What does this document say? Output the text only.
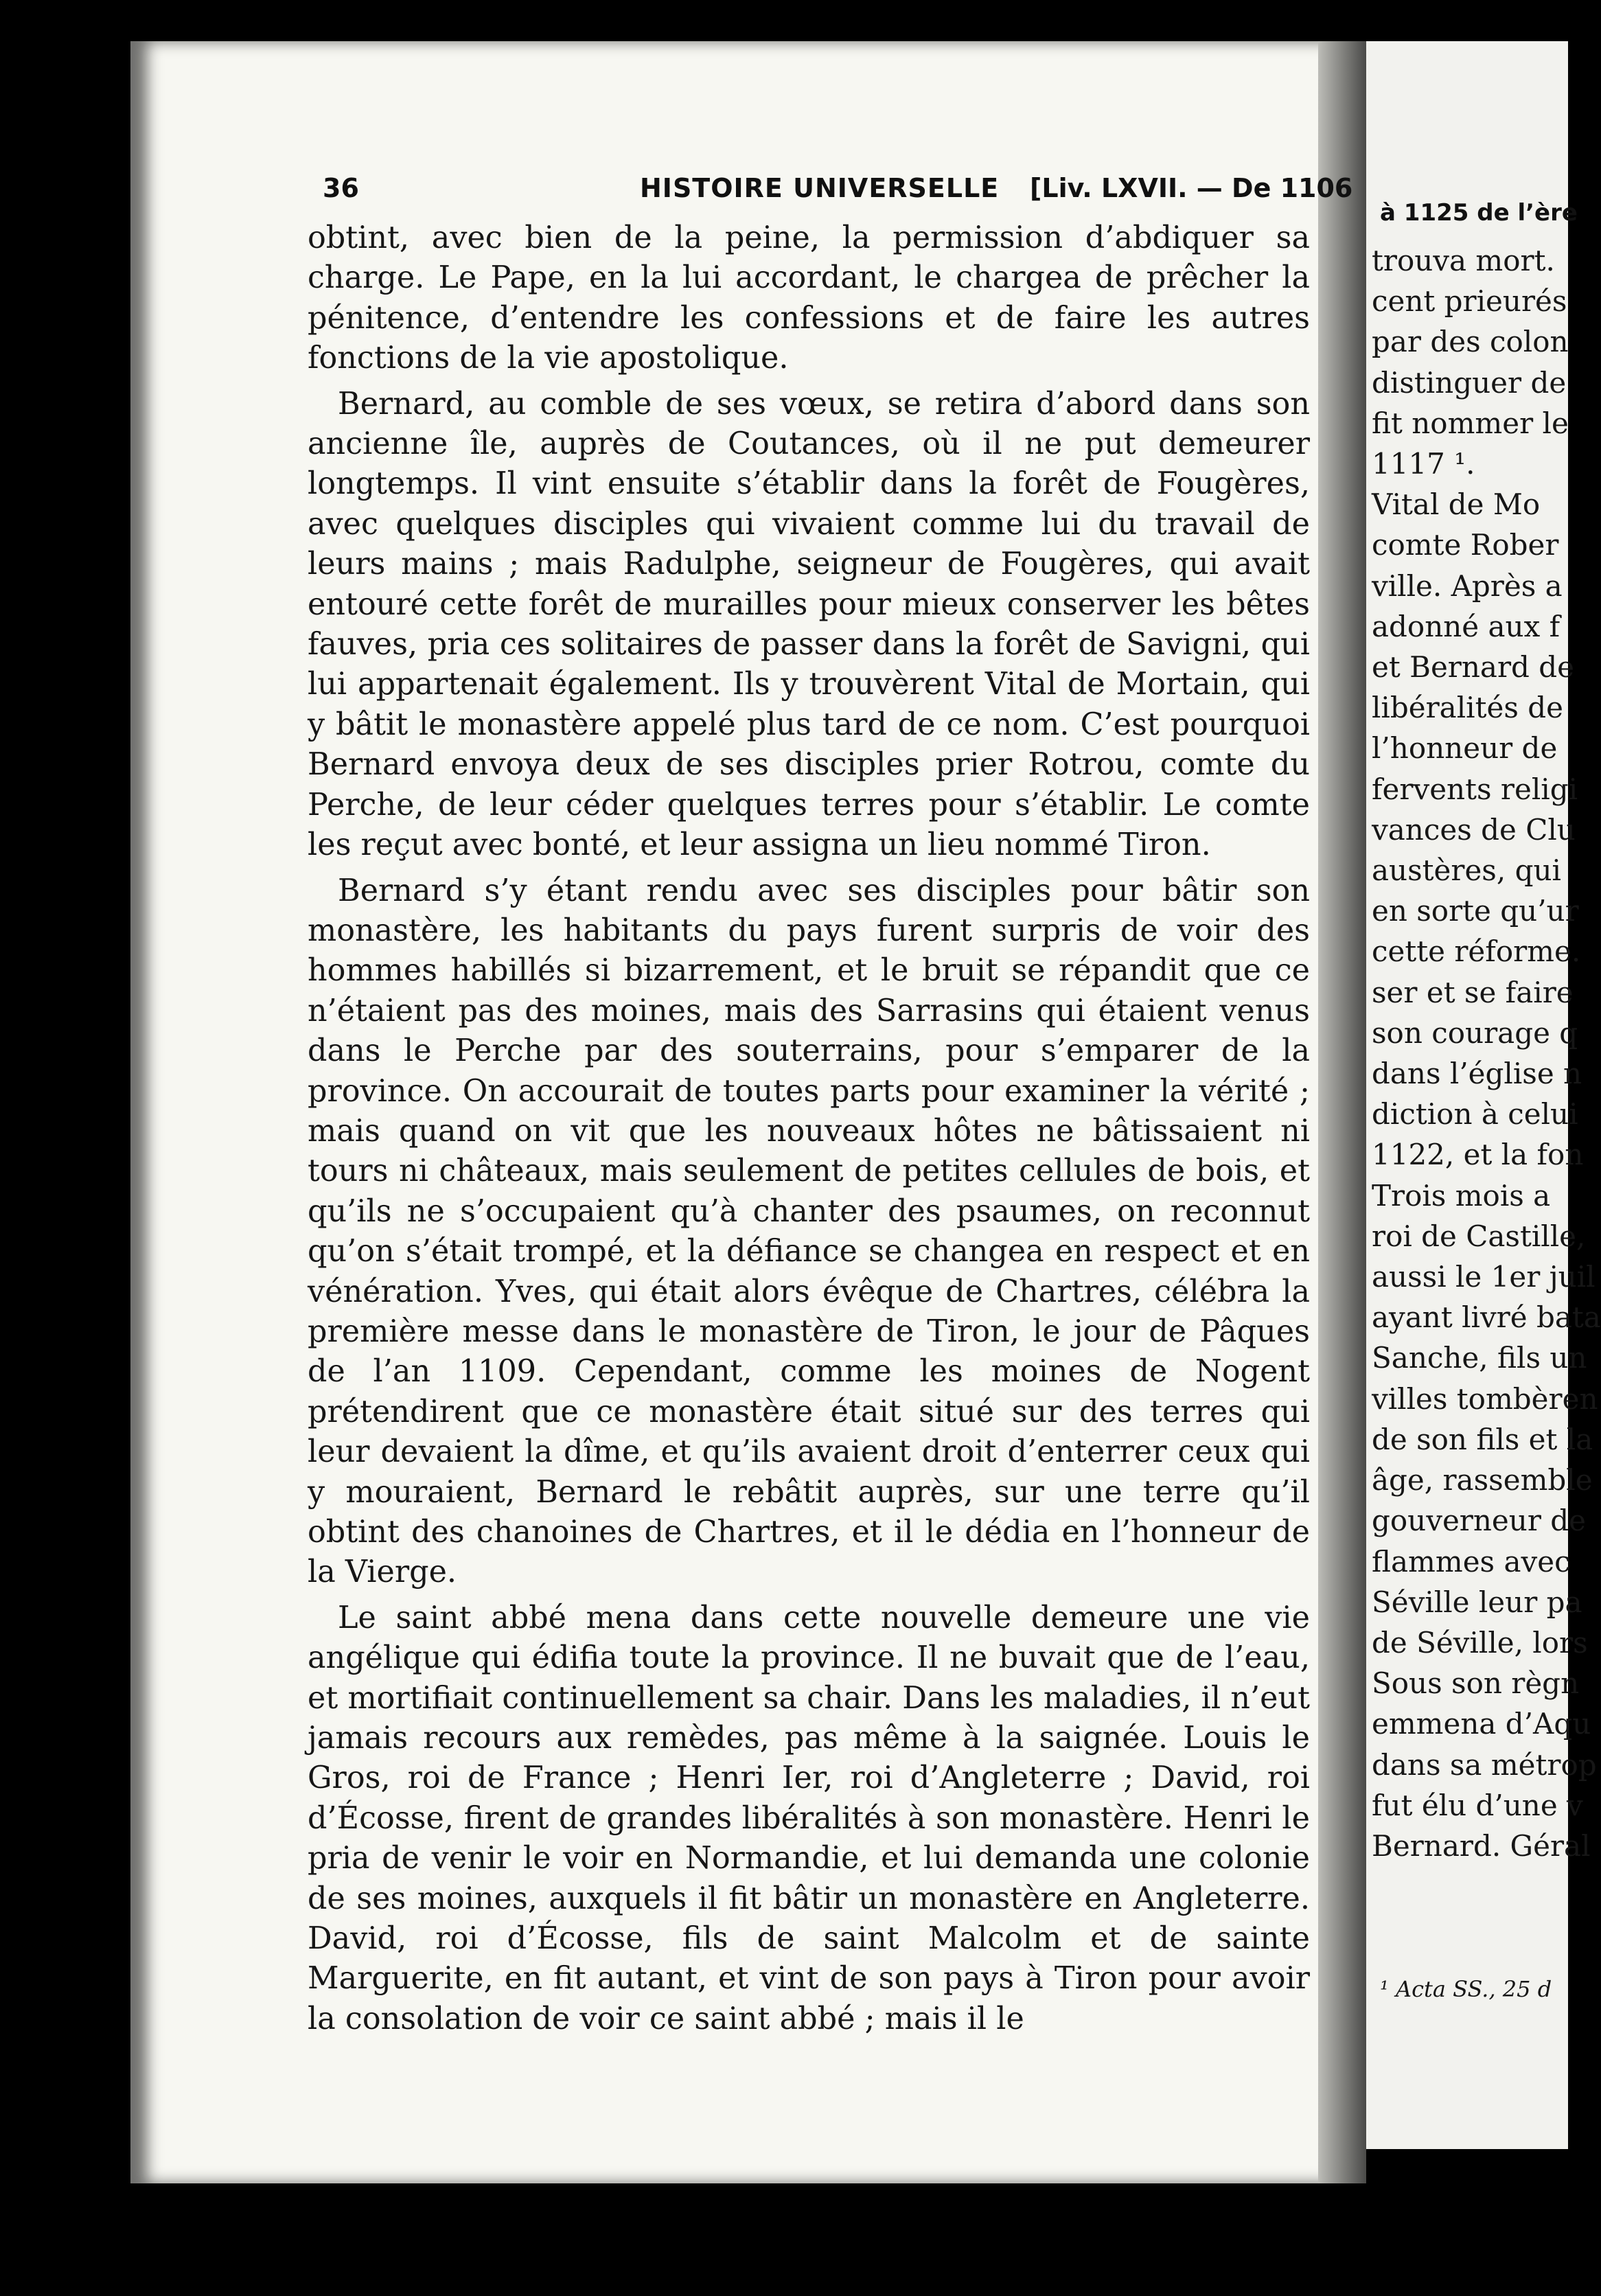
à 1125 de l’ère
trouva mort.
cent prieurés
par des colon
distinguer de
fit nommer le
1117 ¹.
Vital de Mo
comte Rober
ville. Après a
adonné aux f
et Bernard de
libéralités de
l’honneur de
fervents religi
vances de Clu
austères, qui
en sorte qu’ur
cette réforme.
ser et se faire
son courage q
dans l’église n
diction à celui
1122, et la fon
Trois mois a
roi de Castille,
aussi le 1er juil
ayant livré bata
Sanche, fils un
villes tombèren
de son fils et la
âge, rassemble
gouverneur de
flammes avec
Séville leur pa
de Séville, lors
Sous son règn
emmena d’Aqu
dans sa métrop
fut élu d’une v
Bernard. Géral
¹ Acta SS., 25 d
36	HISTOIRE UNIVERSELLE [Liv. LXVII. — De 1106

obtint, avec bien de la peine, la permission d’abdiquer sa charge. Le Pape, en la lui accordant, le chargea de prêcher la pénitence, d’entendre les confessions et de faire les autres fonctions de la vie apostolique.

Bernard, au comble de ses vœux, se retira d’abord dans son ancienne île, auprès de Coutances, où il ne put demeurer longtemps. Il vint ensuite s’établir dans la forêt de Fougères, avec quelques disciples qui vivaient comme lui du travail de leurs mains ; mais Radulphe, seigneur de Fougères, qui avait entouré cette forêt de murailles pour mieux conserver les bêtes fauves, pria ces solitaires de passer dans la forêt de Savigni, qui lui appartenait également. Ils y trouvèrent Vital de Mortain, qui y bâtit le monastère appelé plus tard de ce nom. C’est pourquoi Bernard envoya deux de ses disciples prier Rotrou, comte du Perche, de leur céder quelques terres pour s’établir. Le comte les reçut avec bonté, et leur assigna un lieu nommé Tiron.

Bernard s’y étant rendu avec ses disciples pour bâtir son monastère, les habitants du pays furent surpris de voir des hommes habillés si bizarrement, et le bruit se répandit que ce n’étaient pas des moines, mais des Sarrasins qui étaient venus dans le Perche par des souterrains, pour s’emparer de la province. On accourait de toutes parts pour examiner la vérité ; mais quand on vit que les nouveaux hôtes ne bâtissaient ni tours ni châteaux, mais seulement de petites cellules de bois, et qu’ils ne s’occupaient qu’à chanter des psaumes, on reconnut qu’on s’était trompé, et la défiance se changea en respect et en vénération. Yves, qui était alors évêque de Chartres, célébra la première messe dans le monastère de Tiron, le jour de Pâques de l’an 1109. Cependant, comme les moines de Nogent prétendirent que ce monastère était situé sur des terres qui leur devaient la dîme, et qu’ils avaient droit d’enterrer ceux qui y mouraient, Bernard le rebâtit auprès, sur une terre qu’il obtint des chanoines de Chartres, et il le dédia en l’honneur de la Vierge.

Le saint abbé mena dans cette nouvelle demeure une vie angélique qui édifia toute la province. Il ne buvait que de l’eau, et mortifiait continuellement sa chair. Dans les maladies, il n’eut jamais recours aux remèdes, pas même à la saignée. Louis le Gros, roi de France ; Henri Ier, roi d’Angleterre ; David, roi d’Écosse, firent de grandes libéralités à son monastère. Henri le pria de venir le voir en Normandie, et lui demanda une colonie de ses moines, auxquels il fit bâtir un monastère en Angleterre. David, roi d’Écosse, fils de saint Malcolm et de sainte Marguerite, en fit autant, et vint de son pays à Tiron pour avoir la consolation de voir ce saint abbé ; mais il le
